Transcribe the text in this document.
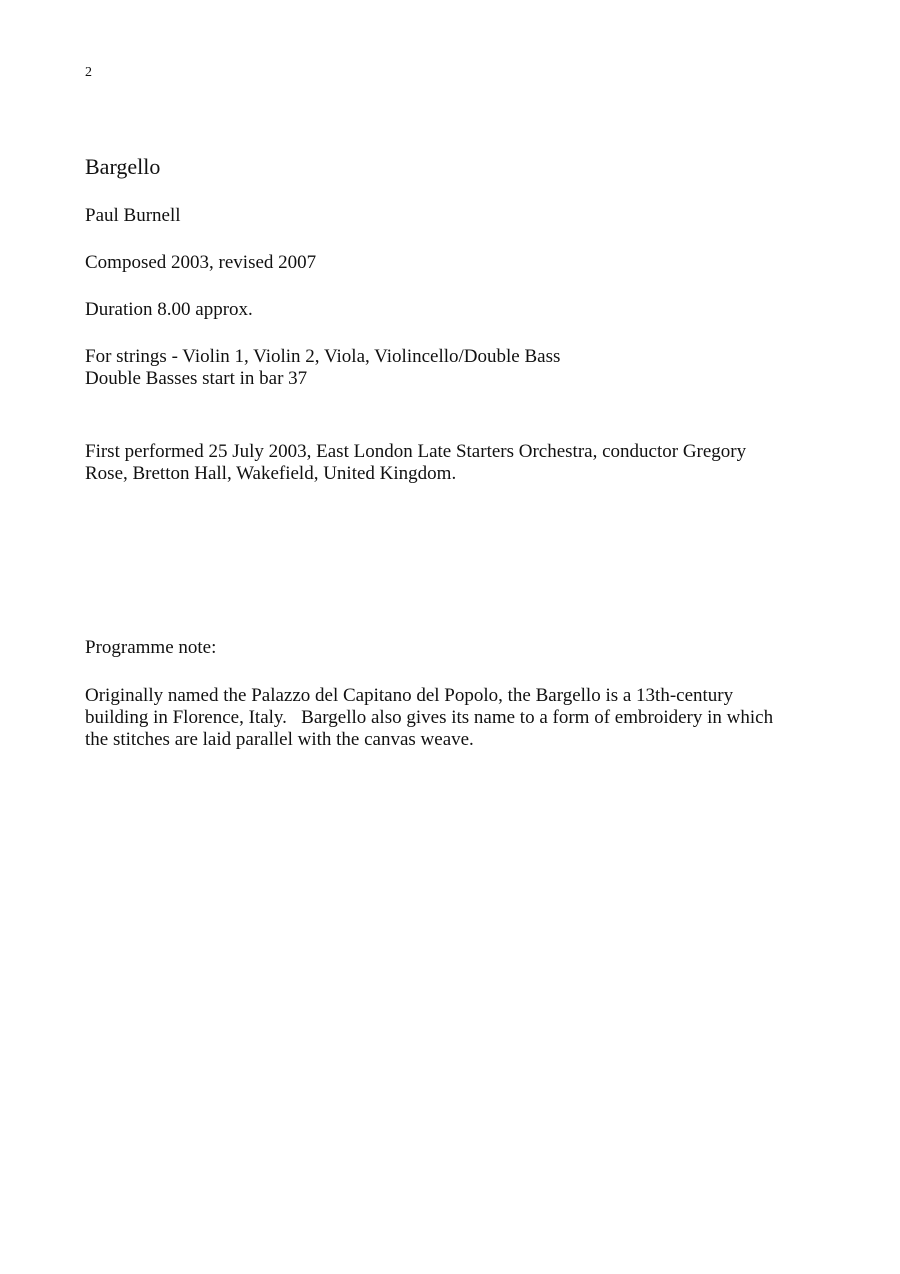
2
Bargello
Paul Burnell
Composed 2003, revised 2007
Duration 8.00 approx.
For strings - Violin 1, Violin 2, Viola, Violincello/Double Bass
Double Basses start in bar 37
First performed 25 July 2003, East London Late Starters Orchestra, conductor Gregory
Rose, Bretton Hall, Wakefield, United Kingdom.
Programme note:
Originally named the Palazzo del Capitano del Popolo, the Bargello is a 13th-century
building in Florence, Italy.   Bargello also gives its name to a form of embroidery in which
the stitches are laid parallel with the canvas weave.
